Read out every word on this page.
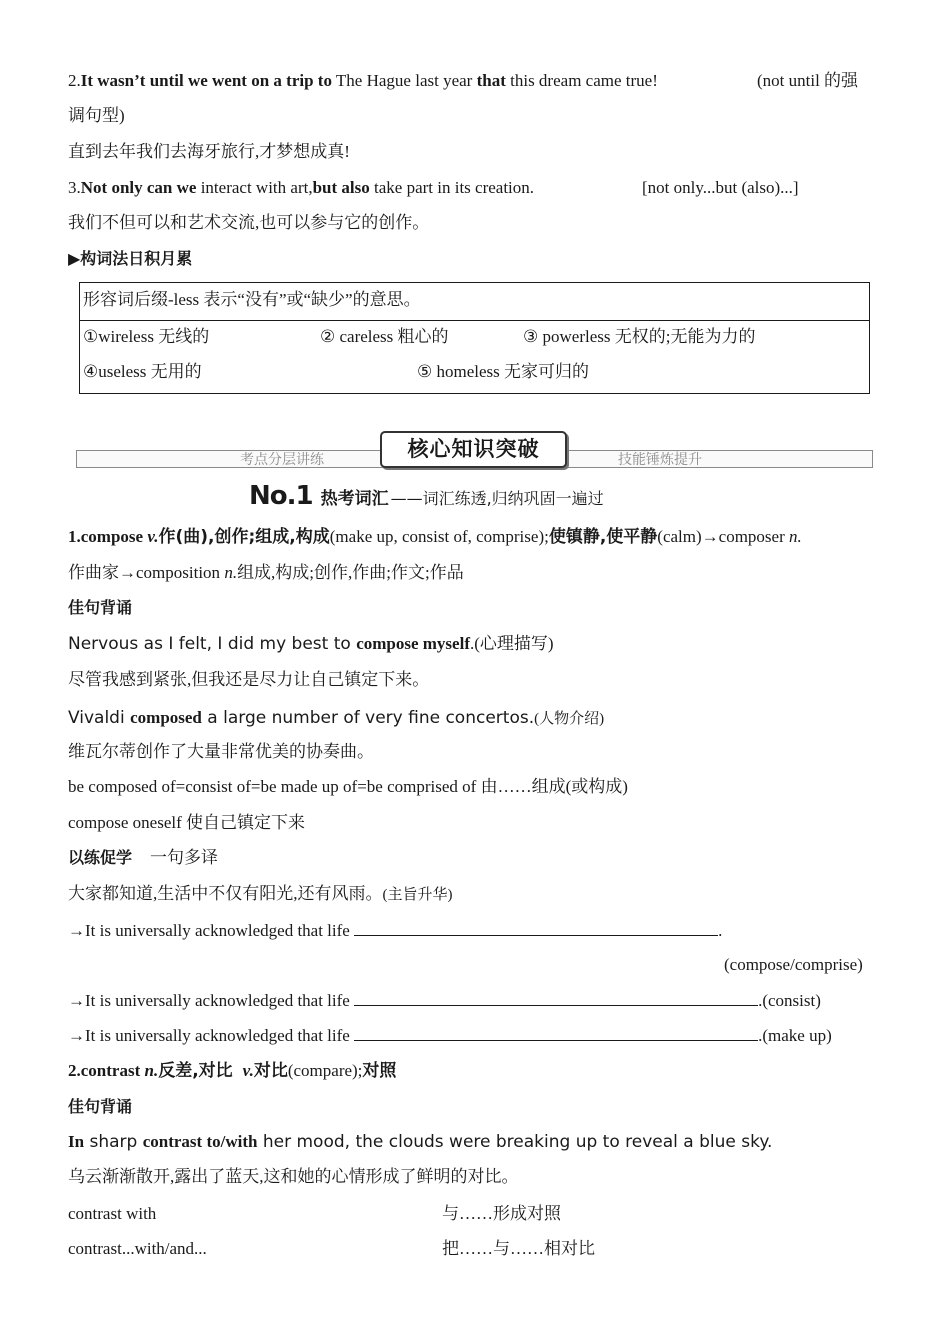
2.It wasn’t until we went on a trip to The Hague last year that this dream came true!	(not until 的强
调句型)
直到去年我们去海牙旅行,才梦想成真!
3.Not only can we interact with art,but also take part in its creation.	[not only...but (also)...]
我们不但可以和艺术交流,也可以参与它的创作。
▶构词法日积月累
形容词后缀-less 表示“没有”或“缺少”的意思。
①wireless 无线的	② careless 粗心的	③ powerless 无权的;无能为力的
④useless 无用的	⑤ homeless 无家可归的
考点分层讲练	技能锤炼提升
核心知识突破
No.1 热考词汇 ——词汇练透,归纳巩固一遍过
1.compose v.作(曲),创作;组成,构成(make up, consist of, comprise);使镇静,使平静(calm)→composer n.
作曲家→composition n.组成,构成;创作,作曲;作文;作品
佳句背诵
Nervous as I felt, I did my best to compose myself.(心理描写)
尽管我感到紧张,但我还是尽力让自己镇定下来。
Vivaldi composed a large number of very fine concertos.(人物介绍)
维瓦尔蒂创作了大量非常优美的协奏曲。
be composed of=consist of=be made up of=be comprised of 由……组成(或构成)
compose oneself 使自己镇定下来
以练促学 一句多译
大家都知道,生活中不仅有阳光,还有风雨。(主旨升华)
→It is universally acknowledged that life	.
(compose/comprise)
→It is universally acknowledged that life	.(consist)
→It is universally acknowledged that life	.(make up)
2.contrast n.反差,对比 v.对比(compare);对照
佳句背诵
In sharp contrast to/with her mood, the clouds were breaking up to reveal a blue sky.
乌云渐渐散开,露出了蓝天,这和她的心情形成了鲜明的对比。
contrast with	与……形成对照
contrast...with/and...	把……与……相对比
